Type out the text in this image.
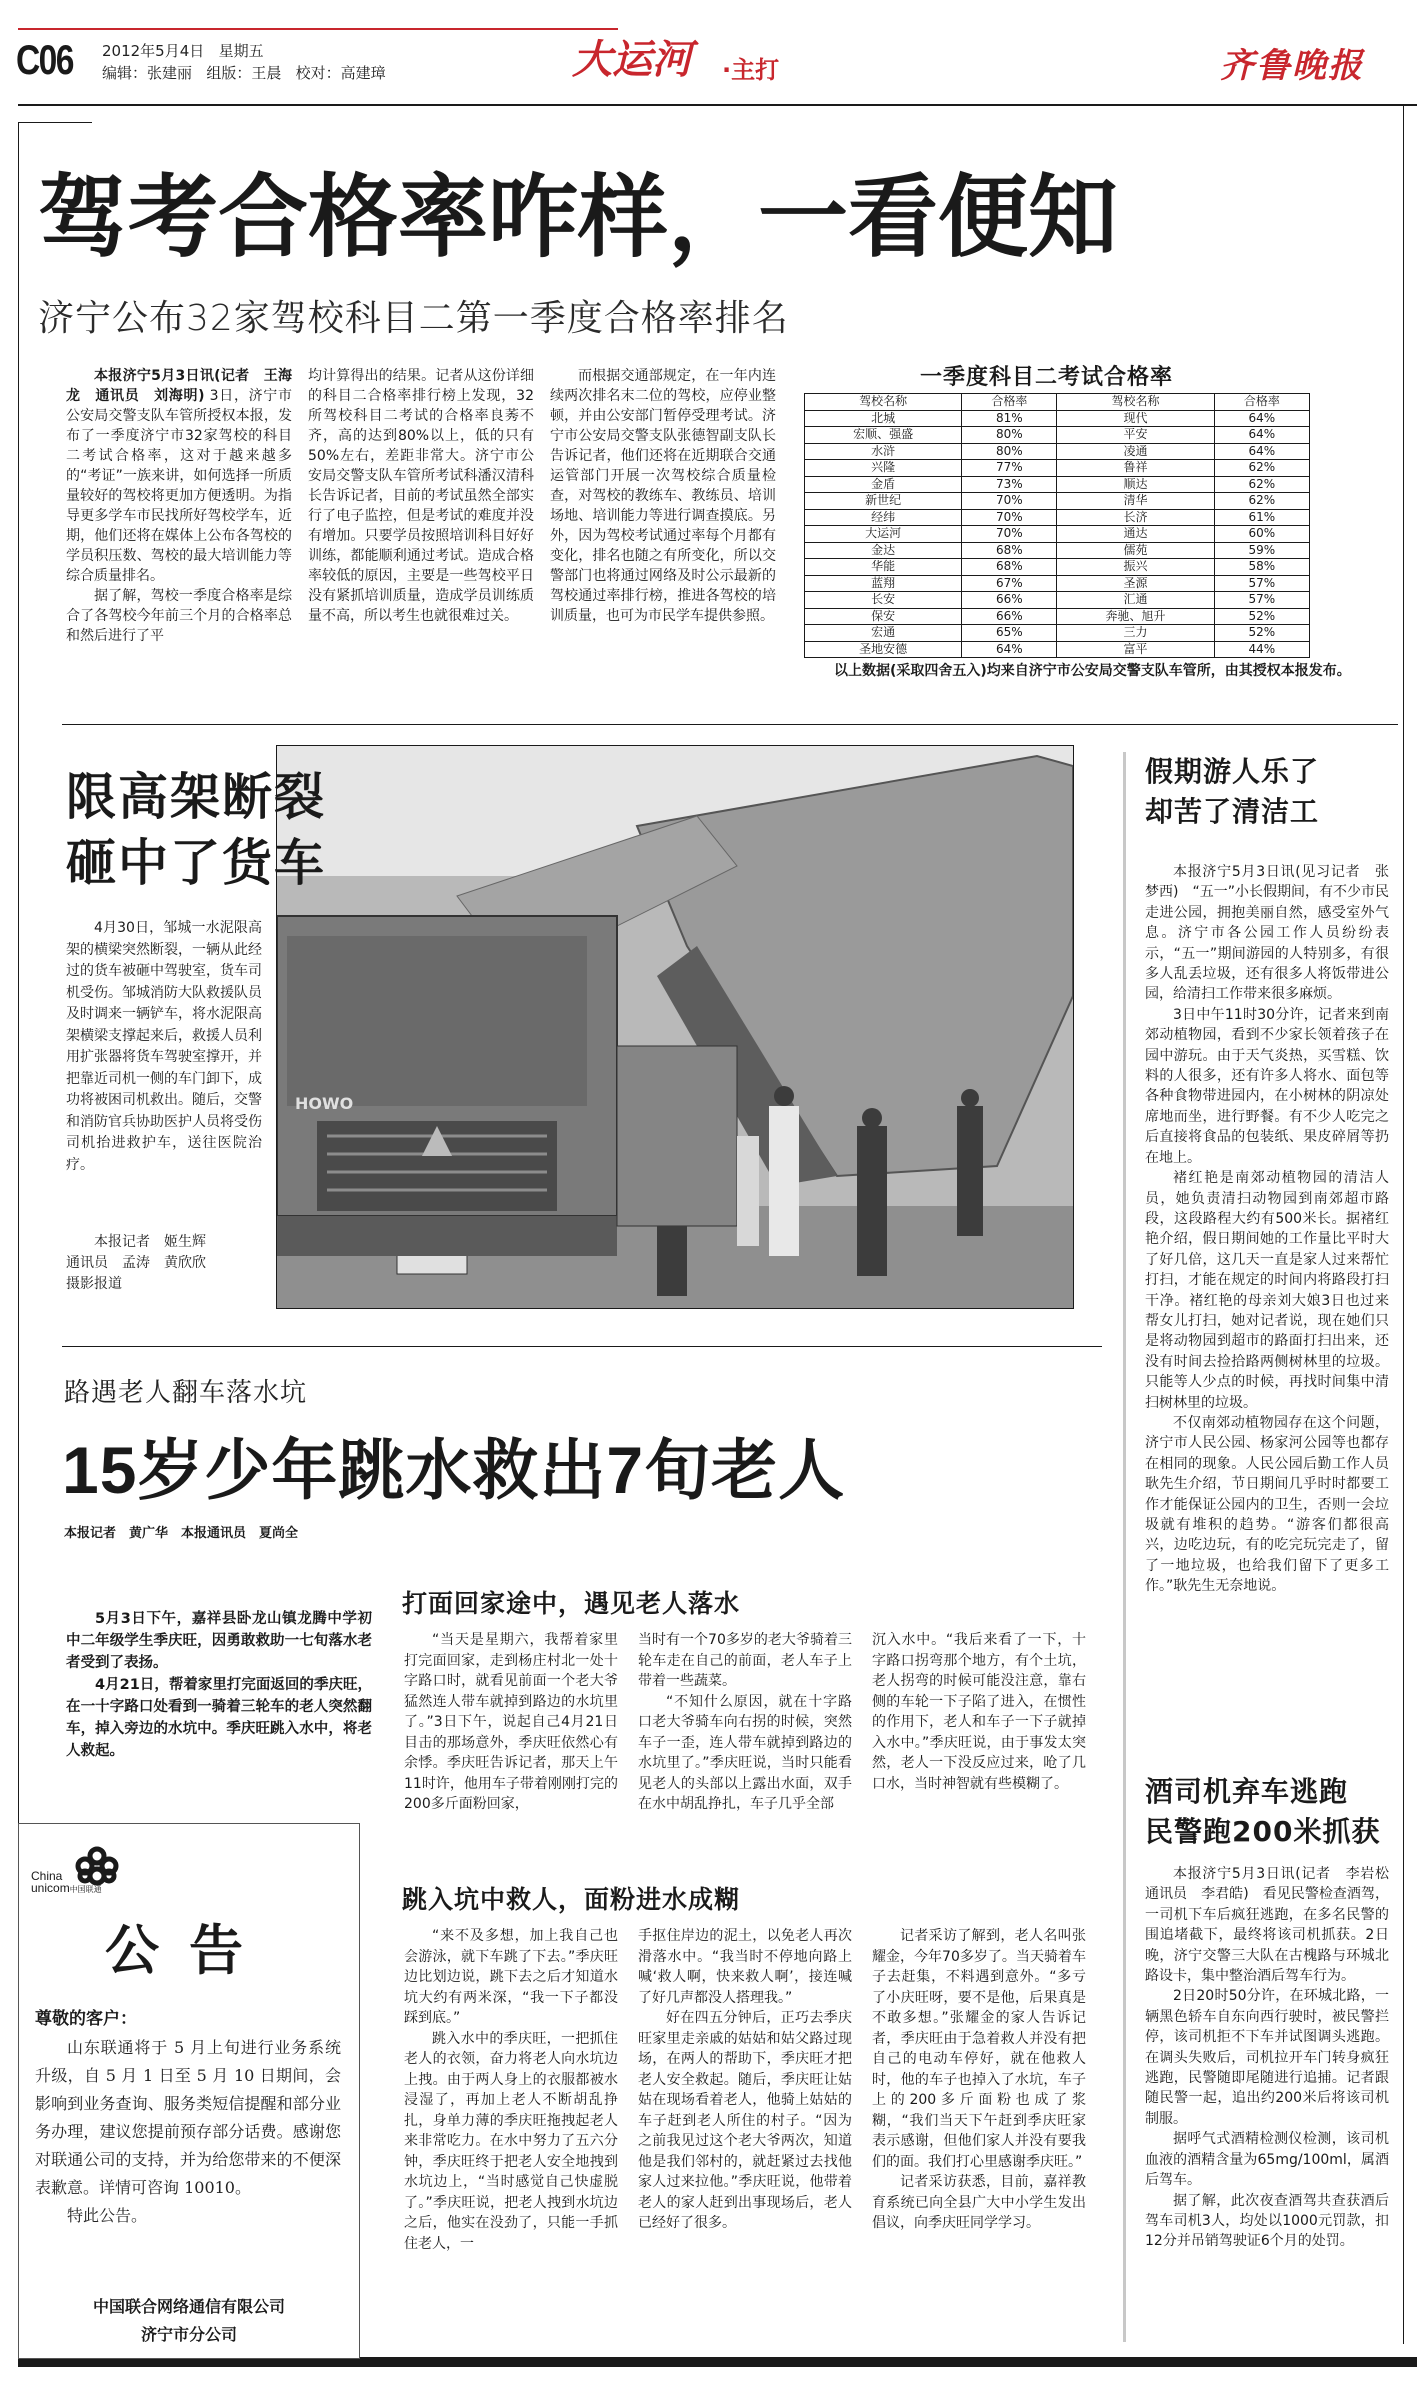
C06 2012年5月4日 星期五
编辑：张建丽 组版：王晨 校对：高建璋	大运河 ·主打	齐鲁晚报
驾考合格率咋样，一看便知
济宁公布32家驾校科目二第一季度合格率排名

本报济宁5月3日讯(记者　王海龙　通讯员　刘海明) 3日，济宁市公安局交警支队车管所授权本报，发布了一季度济宁市32家驾校的科目二考试合格率，这对于越来越多的“考证”一族来讲，如何选择一所质量较好的驾校将更加方便透明。为指导更多学车市民找所好驾校学车，近期，他们还将在媒体上公布各驾校的学员积压数、驾校的最大培训能力等综合质量排名。

据了解，驾校一季度合格率是综合了各驾校今年前三个月的合格率总和然后进行了平

均计算得出的结果。记者从这份详细的科目二合格率排行榜上发现，32所驾校科目二考试的合格率良莠不齐，高的达到80%以上，低的只有50%左右，差距非常大。济宁市公安局交警支队车管所考试科潘汉清科长告诉记者，目前的考试虽然全部实行了电子监控，但是考试的难度并没有增加。只要学员按照培训科目好好训练，都能顺利通过考试。造成合格率较低的原因，主要是一些驾校平日没有紧抓培训质量，造成学员训练质量不高，所以考生也就很难过关。

而根据交通部规定，在一年内连续两次排名末二位的驾校，应停业整顿，并由公安部门暂停受理考试。济宁市公安局交警支队张德智副支队长告诉记者，他们还将在近期联合交通运管部门开展一次驾校综合质量检查，对驾校的教练车、教练员、培训场地、培训能力等进行调查摸底。另外，因为驾校考试通过率每个月都有变化，排名也随之有所变化，所以交警部门也将通过网络及时公示最新的驾校通过率排行榜，推进各驾校的培训质量，也可为市民学车提供参照。

一季度科目二考试合格率
驾校名称	合格率	驾校名称	合格率
北城	81%	现代	64%
宏顺、强盛	80%	平安	64%
水浒	80%	凌通	64%
兴隆	77%	鲁祥	62%
金盾	73%	顺达	62%
新世纪	70%	清华	62%
经纬	70%	长济	61%
大运河	70%	通达	60%
金达	68%	儒苑	59%
华能	68%	振兴	58%
蓝翔	67%	圣源	57%
长安	66%	汇通	57%
保安	66%	奔驰、旭升	52%
宏通	65%	三力	52%
圣地安德	64%	富平	44%
以上数据(采取四舍五入)均来自济宁市公安局交警支队车管所，由其授权本报发布。
限高架断裂
砸中了货车

4月30日，邹城一水泥限高架的横梁突然断裂，一辆从此经过的货车被砸中驾驶室，货车司机受伤。邹城消防大队救援队员及时调来一辆铲车，将水泥限高架横梁支撑起来后，救援人员利用扩张器将货车驾驶室撑开，并把靠近司机一侧的车门卸下，成功将被困司机救出。随后，交警和消防官兵协助医护人员将受伤司机抬进救护车，送往医院治疗。

本报记者　姬生辉
通讯员　孟涛　黄欣欣
摄影报道
HOWO
假期游人乐了
却苦了清洁工

本报济宁5月3日讯(见习记者　张梦西)　“五一”小长假期间，有不少市民走进公园，拥抱美丽自然，感受室外气息。济宁市各公园工作人员纷纷表示，“五一”期间游园的人特别多，有很多人乱丢垃圾，还有很多人将饭带进公园，给清扫工作带来很多麻烦。

3日中午11时30分许，记者来到南郊动植物园，看到不少家长领着孩子在园中游玩。由于天气炎热，买雪糕、饮料的人很多，还有许多人将水、面包等各种食物带进园内，在小树林的阴凉处席地而坐，进行野餐。有不少人吃完之后直接将食品的包装纸、果皮碎屑等扔在地上。

褚红艳是南郊动植物园的清洁人员，她负责清扫动物园到南郊超市路段，这段路程大约有500米长。据褚红艳介绍，假日期间她的工作量比平时大了好几倍，这几天一直是家人过来帮忙打扫，才能在规定的时间内将路段打扫干净。褚红艳的母亲刘大娘3日也过来帮女儿打扫，她对记者说，现在她们只是将动物园到超市的路面打扫出来，还没有时间去捡拾路两侧树林里的垃圾。只能等人少点的时候，再找时间集中清扫树林里的垃圾。

不仅南郊动植物园存在这个问题，济宁市人民公园、杨家河公园等也都存在相同的现象。人民公园后勤工作人员耿先生介绍，节日期间几乎时时都要工作才能保证公园内的卫生，否则一会垃圾就有堆积的趋势。“游客们都很高兴，边吃边玩，有的吃完玩完走了，留了一地垃圾，也给我们留下了更多工作。”耿先生无奈地说。

酒司机弃车逃跑
民警跑200米抓获

本报济宁5月3日讯(记者　李岩松　通讯员　李君皓)　看见民警检查酒驾，一司机下车后疯狂逃跑，在多名民警的围追堵截下，最终将该司机抓获。2日晚，济宁交警三大队在古槐路与环城北路设卡，集中整治酒后驾车行为。

2日20时50分许，在环城北路，一辆黑色轿车自东向西行驶时，被民警拦停，该司机拒不下车并试图调头逃跑。在调头失败后，司机拉开车门转身疯狂逃跑，民警随即尾随进行追捕。记者跟随民警一起，追出约200米后将该司机制服。

据呼气式酒精检测仪检测，该司机血液的酒精含量为65mg/100ml，属酒后驾车。

据了解，此次夜查酒驾共查获酒后驾车司机3人，均处以1000元罚款，扣12分并吊销驾驶证6个月的处罚。

路遇老人翻车落水坑
15岁少年跳水救出7旬老人
本报记者　黄广华　本报通讯员　夏尚全

5月3日下午，嘉祥县卧龙山镇龙腾中学初中二年级学生季庆旺，因勇敢救助一七旬落水老者受到了表扬。

4月21日，帮着家里打完面返回的季庆旺，在一十字路口处看到一骑着三轮车的老人突然翻车，掉入旁边的水坑中。季庆旺跳入水中，将老人救起。

打面回家途中，遇见老人落水

“当天是星期六，我帮着家里打完面回家，走到杨庄村北一处十字路口时，就看见前面一个老大爷猛然连人带车就掉到路边的水坑里了。”3日下午，说起自己4月21日目击的那场意外，季庆旺依然心有余悸。季庆旺告诉记者，那天上午11时许，他用车子带着刚刚打完的200多斤面粉回家，

当时有一个70多岁的老大爷骑着三轮车走在自己的前面，老人车子上带着一些蔬菜。

“不知什么原因，就在十字路口老大爷骑车向右拐的时候，突然车子一歪，连人带车就掉到路边的水坑里了。”季庆旺说，当时只能看见老人的头部以上露出水面，双手在水中胡乱挣扎，车子几乎全部

沉入水中。“我后来看了一下，十字路口拐弯那个地方，有个土坑，老人拐弯的时候可能没注意，靠右侧的车轮一下子陷了进入，在惯性的作用下，老人和车子一下子就掉入水中。”季庆旺说，由于事发太突然，老人一下没反应过来，呛了几口水，当时神智就有些模糊了。

跳入坑中救人，面粉进水成糊

“来不及多想，加上我自己也会游泳，就下车跳了下去。”季庆旺边比划边说，跳下去之后才知道水坑大约有两米深，“我一下子都没踩到底。”

跳入水中的季庆旺，一把抓住老人的衣领，奋力将老人向水坑边上拽。由于两人身上的衣服都被水浸湿了，再加上老人不断胡乱挣扎，身单力薄的季庆旺拖拽起老人来非常吃力。在水中努力了五六分钟，季庆旺终于把老人安全地拽到水坑边上，“当时感觉自己快虚脱了。”季庆旺说，把老人拽到水坑边之后，他实在没劲了，只能一手抓住老人，一

手抠住岸边的泥土，以免老人再次滑落水中。“我当时不停地向路上喊‘救人啊，快来救人啊’，接连喊了好几声都没人搭理我。”

好在四五分钟后，正巧去季庆旺家里走亲戚的姑姑和姑父路过现场，在两人的帮助下，季庆旺才把老人安全救起。随后，季庆旺让姑姑在现场看着老人，他骑上姑姑的车子赶到老人所住的村子。“因为之前我见过这个老大爷两次，知道他是我们邻村的，就赶紧过去找他家人过来拉他。”季庆旺说，他带着老人的家人赶到出事现场后，老人已经好了很多。

记者采访了解到，老人名叫张耀金，今年70多岁了。当天骑着车子去赶集，不料遇到意外。“多亏了小庆旺呀，要不是他，后果真是不敢多想。”张耀金的家人告诉记者，季庆旺由于急着救人并没有把自己的电动车停好，就在他救人时，他的车子也掉入了水坑，车子上的200多斤面粉也成了浆糊，“我们当天下午赶到季庆旺家表示感谢，但他们家人并没有要我们的面。我们打心里感谢季庆旺。”

记者采访获悉，目前，嘉祥教育系统已向全县广大中小学生发出倡议，向季庆旺同学学习。

China
unicom中国联通
公告
尊敬的客户：

山东联通将于 5 月上旬进行业务系统升级，自 5 月 1 日至 5 月 10 日期间，会影响到业务查询、服务类短信提醒和部分业务办理，建议您提前预存部分话费。感谢您对联通公司的支持，并为给您带来的不便深表歉意。详情可咨询 10010。

特此公告。

中国联合网络通信有限公司
济宁市分公司
